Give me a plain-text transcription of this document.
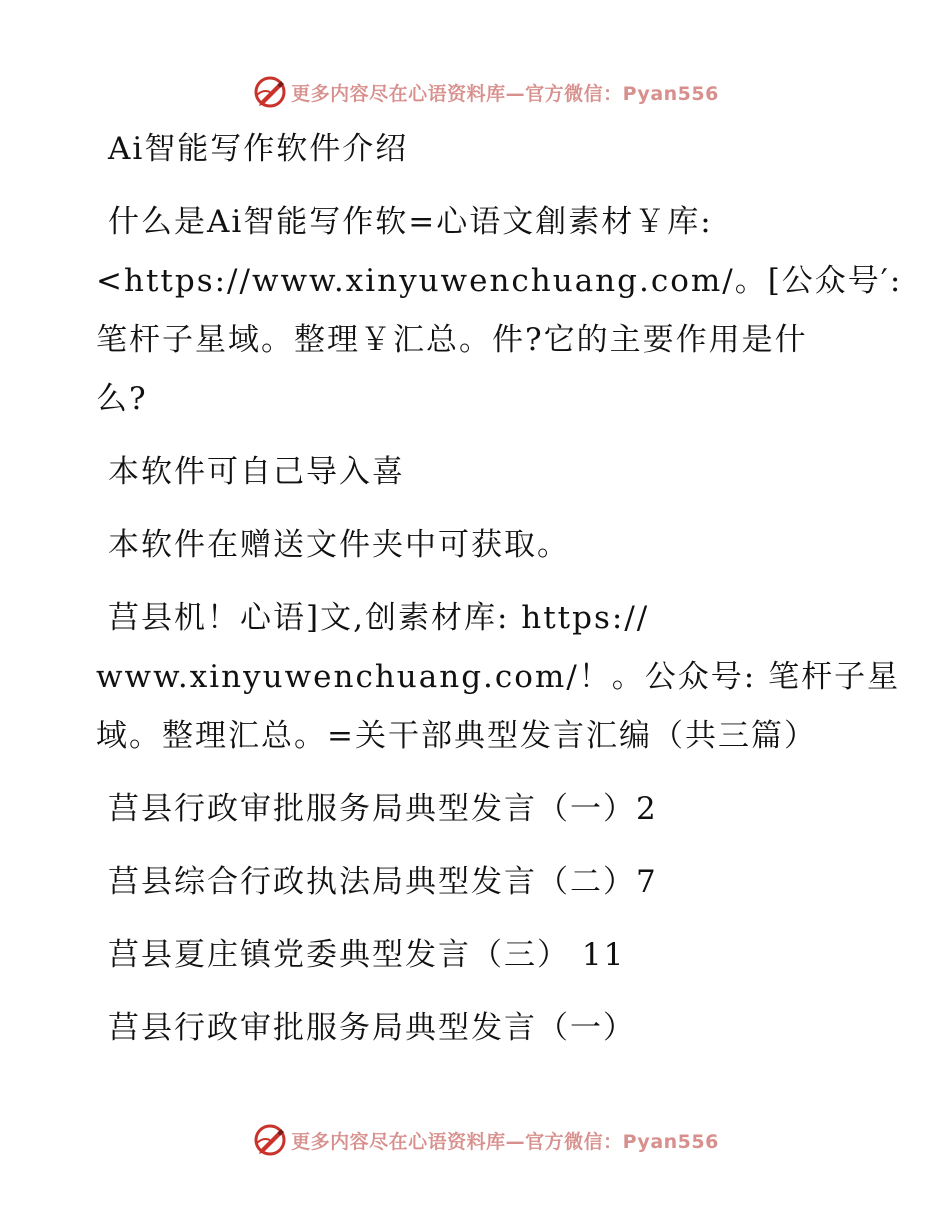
更多内容尽在心语资料库—官方微信：Pyan556
Ai智能写作软件介绍
什么是Ai智能写作软=心语文創素材￥库:
<https://www.xinyuwenchuang.com/。[公众号′:
笔杆子星域。整理￥汇总。件?它的主要作用是什
么?
本软件可自己导入喜
本软件在赠送文件夹中可获取。
莒县机！心语]文,创素材库: https://
www.xinyuwenchuang.com/！。公众号: 笔杆子星
域。整理汇总。=关干部典型发言汇编（共三篇）
莒县行政审批服务局典型发言（一）2
莒县综合行政执法局典型发言（二）7
莒县夏庄镇党委典型发言（三） 11
莒县行政审批服务局典型发言（一）
更多内容尽在心语资料库—官方微信：Pyan556
